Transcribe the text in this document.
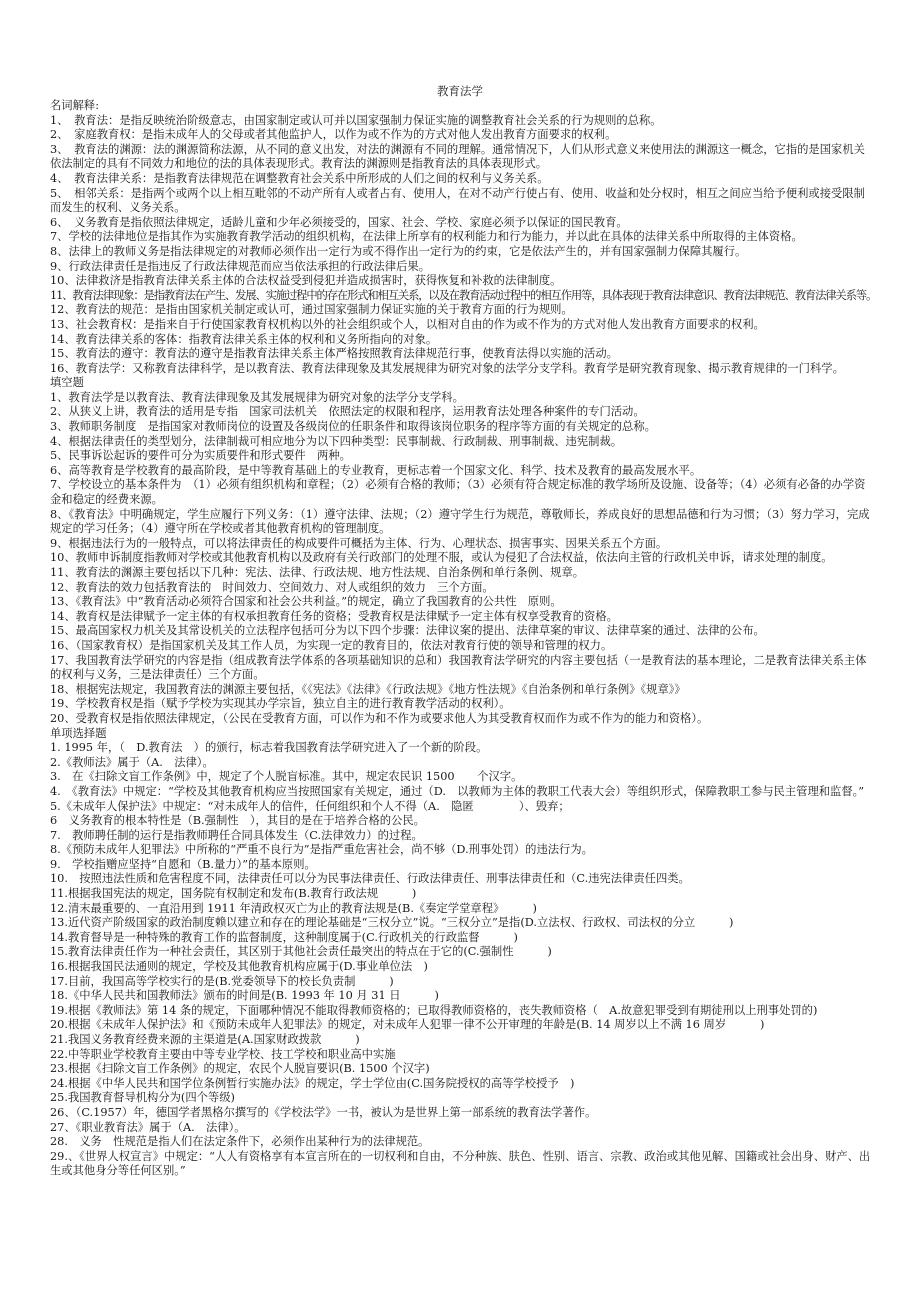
教育法学
名词解释:
1、　教育法：是指反映统治阶级意志，由国家制定或认可并以国家强制力保证实施的调整教育社会关系的行为规则的总称。
2、　家庭教育权：是指未成年人的父母或者其他监护人，以作为或不作为的方式对他人发出教育方面要求的权利。
3、　教育法的渊源：法的渊源简称法源，从不同的意义出发，对法的渊源有不同的理解。通常情况下，人们从形式意义来使用法的渊源这一概念，它指的是国家机关依法制定的具有不同效力和地位的法的具体表现形式。教育法的渊源则是指教育法的具体表现形式。
4、　教育法律关系：是指教育法律规范在调整教育社会关系中所形成的人们之间的权利与义务关系。
5、　相邻关系：是指两个或两个以上相互毗邻的不动产所有人或者占有、使用人，在对不动产行使占有、使用、收益和处分权时，相互之间应当给予便利或接受限制而发生的权利、义务关系。
6、　义务教育是指依照法律规定，适龄儿童和少年必须接受的，国家、社会、学校、家庭必须予以保证的国民教育。
7、学校的法律地位是指其作为实施教育教学活动的组织机构，在法律上所享有的权利能力和行为能力，并以此在具体的法律关系中所取得的主体资格。
8、法律上的教师义务是指法律规定的对教师必须作出一定行为或不得作出一定行为的约束，它是依法产生的，并有国家强制力保障其履行。
9、行政法律责任是指违反了行政法律规范而应当依法承担的行政法律后果。
10、法律救济是指教育法律关系主体的合法权益受到侵犯并造成损害时，获得恢复和补救的法律制度。
11、教育法律现象：是指教育法在产生、发展、实施过程中的存在形式和相互关系，以及在教育活动过程中的相互作用等，具体表现于教育法律意识、教育法律规范、教育法律关系等。
12、教育法的规范：是指由国家机关制定或认可，通过国家强制力保证实施的关于教育方面的行为规则。
13、社会教育权：是指来自于行使国家教育权机构以外的社会组织或个人，以相对自由的作为或不作为的方式对他人发出教育方面要求的权利。
14、教育法律关系的客体：指教育法律关系主体的权利和义务所指向的对象。
15、教育法的遵守：教育法的遵守是指教育法律关系主体严格按照教育法律规范行事，使教育法得以实施的活动。
16、教育法学：又称教育法律科学，是以教育法、教育法律现象及其发展规律为研究对象的法学分支学科。教育学是研究教育现象、揭示教育规律的一门科学。
填空题
1、教育法学是以教育法、教育法律现象及其发展规律为研究对象的法学分支学科。
2、从狭义上讲，教育法的适用是专指　国家司法机关　依照法定的权限和程序，运用教育法处理各种案件的专门活动。
3、教师职务制度　是指国家对教师岗位的设置及各级岗位的任职条件和取得该岗位职务的程序等方面的有关规定的总称。
4、根据法律责任的类型划分，法律制裁可相应地分为以下四种类型：民事制裁、行政制裁、刑事制裁、违宪制裁。
5、民事诉讼起诉的要件可分为实质要件和形式要件　两种。
6、高等教育是学校教育的最高阶段，是中等教育基础上的专业教育，更标志着一个国家文化、科学、技术及教育的最高发展水平。
7、学校设立的基本条件为　（1）必须有组织机构和章程；（2）必须有合格的教师；（3）必须有符合规定标准的教学场所及设施、设备等；（4）必须有必备的办学资金和稳定的经费来源。
8、《教育法》中明确规定，学生应履行下列义务：（1）遵守法律、法规；（2）遵守学生行为规范，尊敬师长，养成良好的思想品德和行为习惯；（3）努力学习，完成规定的学习任务；（4）遵守所在学校或者其他教育机构的管理制度。
9、根据违法行为的一般特点，可以将法律责任的构成要件可概括为主体、行为、心理状态、损害事实、因果关系五个方面。
10、教师申诉制度指教师对学校或其他教育机构以及政府有关行政部门的处理不服，或认为侵犯了合法权益，依法向主管的行政机关申诉，请求处理的制度。
11、教育法的渊源主要包括以下几种：宪法、法律、行政法规、地方性法规、自治条例和单行条例、规章。
12、教育法的效力包括教育法的　时间效力、空间效力、对人或组织的效力　三个方面。
13、《教育法》中“教育活动必须符合国家和社会公共利益。”的规定，确立了我国教育的公共性　原则。
14、教育权是法律赋予一定主体的有权承担教育任务的资格；受教育权是法律赋予一定主体有权享受教育的资格。
15、最高国家权力机关及其常设机关的立法程序包括可分为以下四个步骤：法律议案的提出、法律草案的审议、法律草案的通过、法律的公布。
16、（国家教育权）是指国家机关及其工作人员，为实现一定的教育目的，依法对教育行使的领导和管理的权力。
17、我国教育法学研究的内容是指（组成教育法学体系的各项基础知识的总和）我国教育法学研究的内容主要包括（一是教育法的基本理论，二是教育法律关系主体的权利与义务，三是法律责任）三个方面。
18、根据宪法规定，我国教育法的渊源主要包括，《《宪法》《法律》《行政法规》《地方性法规》《自治条例和单行条例》《规章》》
19、学校教育权是指（赋予学校为实现其办学宗旨，独立自主的进行教育教学活动的权利）。
20、受教育权是指依照法律规定，（公民在受教育方面，可以作为和不作为或要求他人为其受教育权而作为或不作为的能力和资格）。
单项选择题
1. 1995 年，（　D.教育法　）的颁行，标志着我国教育法学研究进入了一个新的阶段。
2.《教师法》属于（A.　法律）。
3.　在《扫除文盲工作条例》中，规定了个人脱盲标准。其中，规定农民识 1500　　个汉字。
4.　《教育法》中规定：“学校及其他教育机构应当按照国家有关规定，通过（D.　以教师为主体的教职工代表大会）等组织形式，保障教职工参与民主管理和监督。”
5.《未成年人保护法》中规定：“对未成年人的信件，任何组织和个人不得（A.　隐匿　　　　）、毁弃；
6　义务教育的根本特性是（B.强制性　），其目的是在于培养合格的公民。
7.　教师聘任制的运行是指教师聘任合同具体发生（C.法律效力）的过程。
8.《预防未成年人犯罪法》中所称的“严重不良行为”是指严重危害社会，尚不够（D.刑事处罚）的违法行为。
9.　学校指赠应坚持“自愿和（B.量力）”的基本原则。
10.　按照违法性质和危害程度不同，法律责任可以分为民事法律责任、行政法律责任、刑事法律责任和（C.违宪法律责任四类。
11.根据我国宪法的规定，国务院有权制定和发布(B.教育行政法规　　　)
12.清末最重要的、一直沿用到 1911 年清政权灭亡为止的教育法规是(B.《奏定学堂章程》　　　)
13.近代资产阶级国家的政治制度赖以建立和存在的理论基础是“三权分立”说。“三权分立”是指(D.立法权、行政权、司法权的分立　　　)
14.教育督导是一种特殊的教育工作的监督制度，这种制度属于(C.行政机关的行政监督　　　)
15.教育法律责任作为一种社会责任，其区别于其他社会责任最突出的特点在于它的(C.强制性　　　)
16.根据我国民法通则的规定，学校及其他教育机构应属于(D.事业单位法　)
17.目前，我国高等学校实行的是(B.党委领导下的校长负责制　　　)
18.《中华人民共和国教师法》颁布的时间是(B. 1993 年 10 月 31 日　　　)
19.根据《教师法》第 14 条的规定，下面哪种情况不能取得教师资格的；已取得教师资格的，丧失教师资格（　A.故意犯罪受到有期徒刑以上刑事处罚的)
20.根据《未成年人保护法》和《预防未成年人犯罪法》的规定，对未成年人犯罪一律不公开审理的年龄是(B. 14 周岁以上不满 16 周岁　　　)
21.我国义务教育经费来源的主渠道是(A.国家财政拨款　　　)
22.中等职业学校教育主要由中等专业学校、技工学校和职业高中实施
23.根据《扫除文盲工作条例》的规定，农民个人脱盲要识(B. 1500 个汉字)
24.根据《中华人民共和国学位条例暂行实施办法》的规定，学士学位由(C.国务院授权的高等学校授予　)
25.我国教育督导机构分为(四个等级)
26、（C.1957）年，德国学者黑格尔撰写的《学校法学》一书，被认为是世界上第一部系统的教育法学著作。
27、《职业教育法》属于（A.　法律）。
28.　义务　性规范是指人们在法定条件下，必须作出某种行为的法律规范。
29.、《世界人权宣言》中规定：“人人有资格享有本宣言所在的一切权利和自由，不分种族、肤色、性别、语言、宗教、政治或其他见解、国籍或社会出身、财产、出生或其他身分等任何区别。”
